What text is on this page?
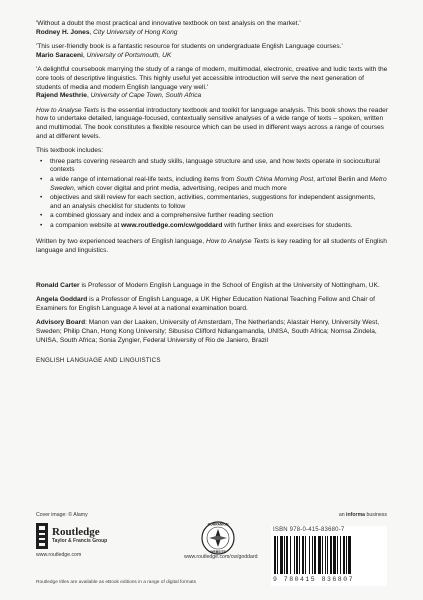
'Without a doubt the most practical and innovative textbook on text analysis on the market.'
Rodney H. Jones, City University of Hong Kong
'This user-friendly book is a fantastic resource for students on undergraduate English Language courses.'
Mario Saraceni, University of Portsmouth, UK
'A delightful coursebook marrying the study of a range of modern, multimodal, electronic, creative and ludic texts with the core tools of descriptive linguistics. This highly useful yet accessible introduction will serve the next generation of students of media and modern English language very well.'
Rajend Mesthrie, University of Cape Town, South Africa

How to Analyse Texts is the essential introductory textbook and toolkit for language analysis. This book shows the reader how to undertake detailed, language-focused, contextually sensitive analyses of a wide range of texts – spoken, written and multimodal. The book constitutes a flexible resource which can be used in different ways across a range of courses and at different levels.

This textbook includes:

• three parts covering research and study skills, language structure and use, and how texts operate in sociocultural contexts
• a wide range of international real-life texts, including items from South China Morning Post, art'otel Berlin and Metro Sweden, which cover digital and print media, advertising, recipes and much more
• objectives and skill review for each section, activities, commentaries, suggestions for independent assignments, and an analysis checklist for students to follow
• a combined glossary and index and a comprehensive further reading section
• a companion website at www.routledge.com/cw/goddard with further links and exercises for students.

Written by two experienced teachers of English language, How to Analyse Texts is key reading for all students of English language and linguistics.

Ronald Carter is Professor of Modern English Language in the School of English at the University of Nottingham, UK.

Angela Goddard is a Professor of English Language, a UK Higher Education National Teaching Fellow and Chair of Examiners for English Language A level at a national examination board.

Advisory Board: Manon van der Laaken, University of Amsterdam, The Netherlands; Alastair Henry, University West, Sweden; Philip Chan, Hong Kong University; Sibusiso Clifford Ndlangamandla, UNISA, South Africa; Nomsa Zindela, UNISA, South Africa; Sonia Zyngier, Federal University of Rio de Janiero, Brazil

ENGLISH LANGUAGE AND LINGUISTICS
Cover image: © Alamy	an informa business
Routledge
Taylor & Francis Group
www.routledge.com
COMPANION
WEBSITE
www.routledge.com/cw/goddard
ISBN 978-0-415-83680-7
9 780415 836807
Routledge titles are available as eBook editions in a range of digital formats
